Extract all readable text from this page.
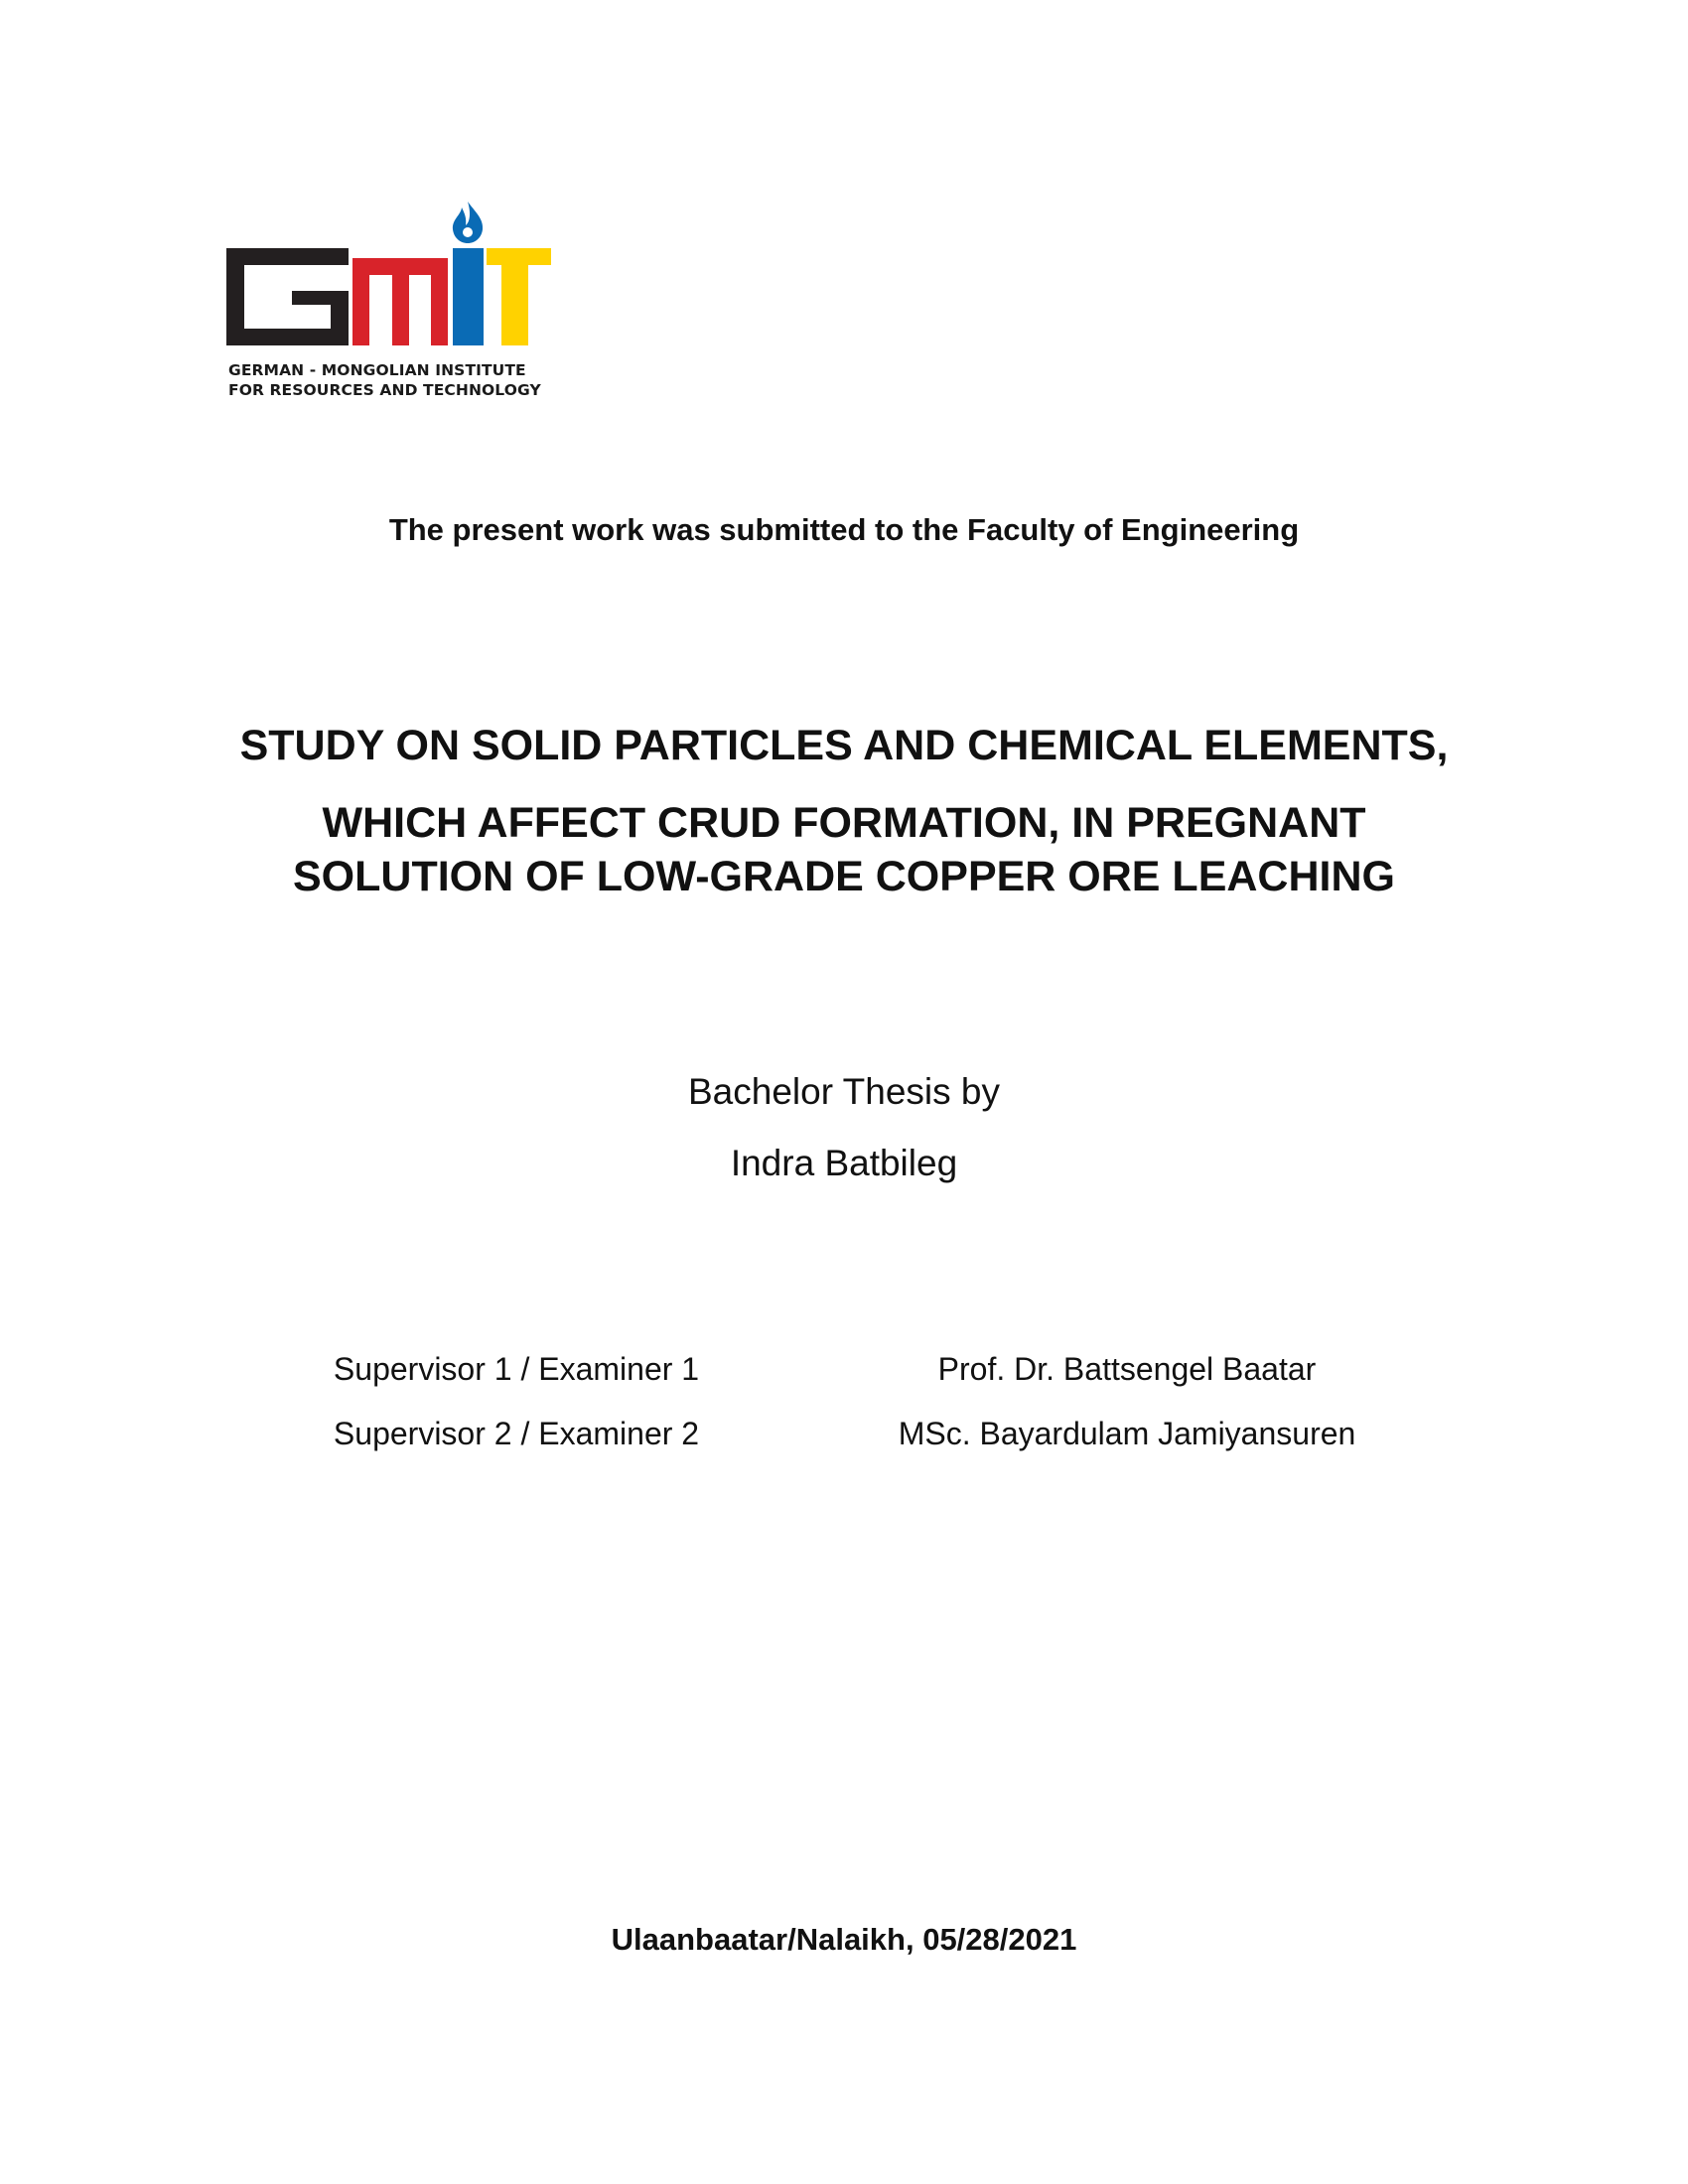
GERMAN - MONGOLIAN INSTITUTE
FOR RESOURCES AND TECHNOLOGY
The present work was submitted to the Faculty of Engineering
STUDY ON SOLID PARTICLES AND CHEMICAL ELEMENTS,
WHICH AFFECT CRUD FORMATION, IN PREGNANT
SOLUTION OF LOW-GRADE COPPER ORE LEACHING
Bachelor Thesis by
Indra Batbileg
Supervisor 1 / Examiner 1	Prof. Dr. Battsengel Baatar
Supervisor 2 / Examiner 2	MSc. Bayardulam Jamiyansuren
Ulaanbaatar/Nalaikh, 05/28/2021
